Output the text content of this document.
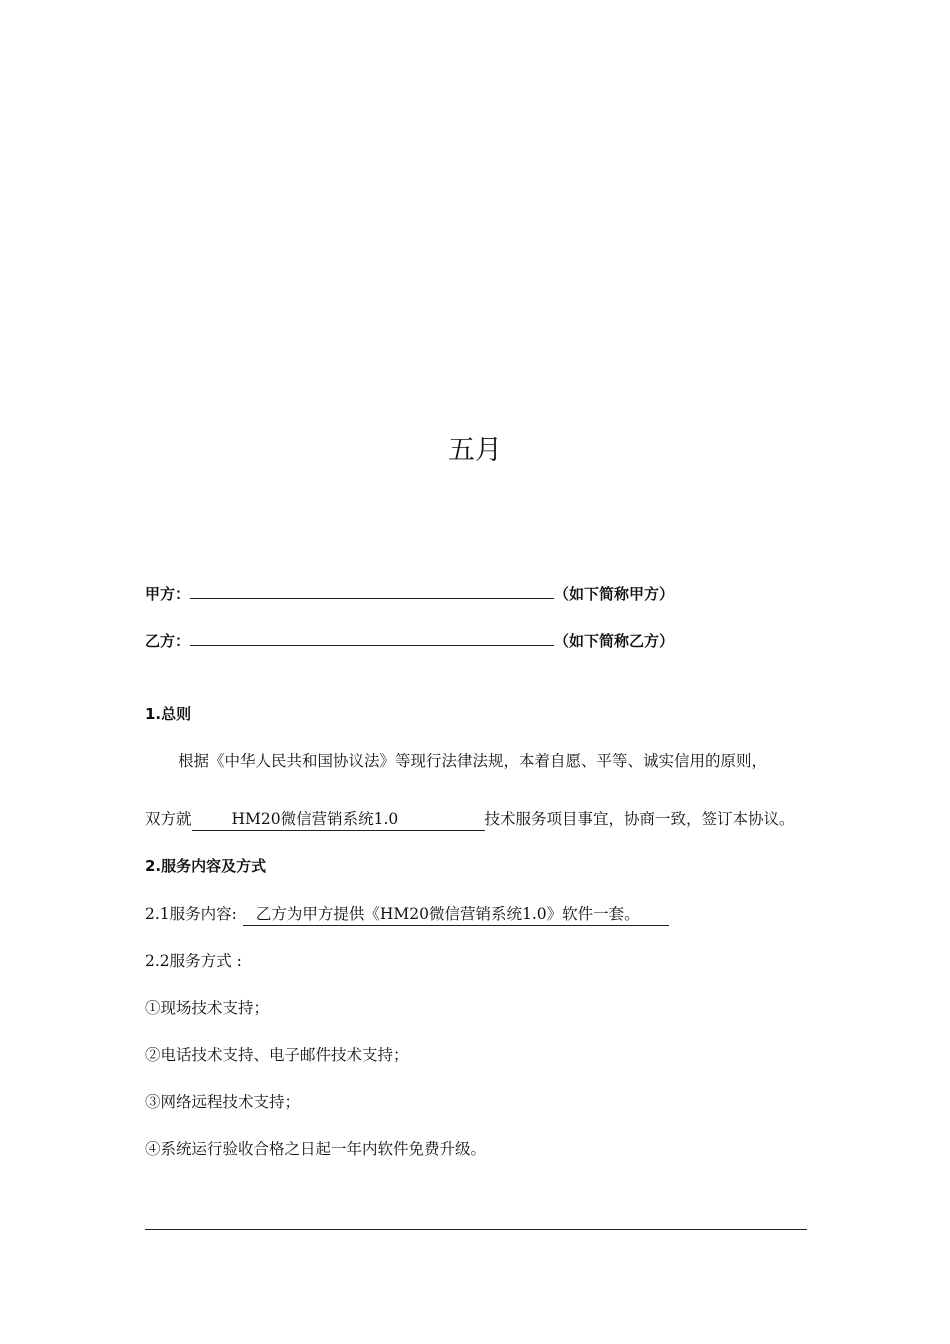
五月
甲方：	（如下简称甲方）
乙方：	（如下简称乙方）
1.总则
根据《中华人民共和国协议法》等现行法律法规，本着自愿、平等、诚实信用的原则，
双方就	HM20微信营销系统1.0	技术服务项目事宜，协商一致，签订本协议。
2.服务内容及方式
2.1服务内容: 乙方为甲方提供《HM20微信营销系统1.0》软件一套。
2.2服务方式 :
①现场技术支持；
②电话技术支持、电子邮件技术支持；
③网络远程技术支持；
④系统运行验收合格之日起一年内软件免费升级。
